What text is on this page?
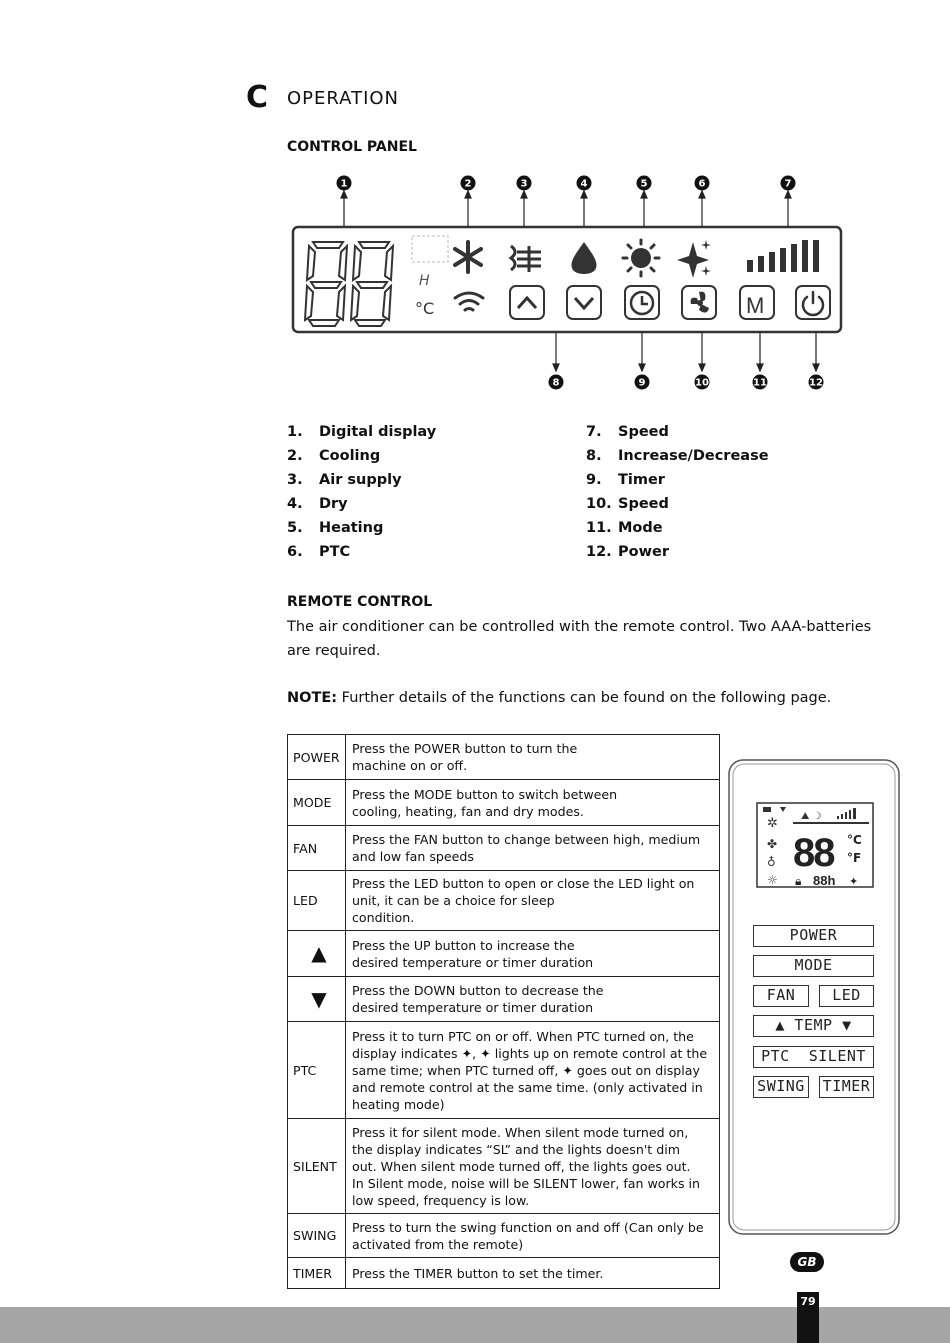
C OPERATION
CONTROL PANEL
1	2	3	4	5	6	7
8	9	10	11	12
H
°C	M
1.	Digital display
2.	Cooling
3.	Air supply
4.	Dry
5.	Heating
6.	PTC
7.	Speed
8.	Increase/Decrease
9.	Timer
10. Speed
11. Mode
12. Power
REMOTE CONTROL
The air conditioner can be controlled with the remote control. Two AAA-batteries
are required.
NOTE: Further details of the functions can be found on the following page.
POWER	Press the POWER button to turn the
machine on or off.

MODE	Press the MODE button to switch between
cooling, heating, fan and dry modes.

FAN	Press the FAN button to change between high, medium
and low fan speeds

LED	Press the LED button to open or close the LED light on
unit, it can be a choice for sleep
condition.

▲	Press the UP button to increase the
desired temperature or timer duration

▼	Press the DOWN button to decrease the
desired temperature or timer duration

PTC	Press it to turn PTC on or off. When PTC turned on, the
display indicates ✦, ✦ lights up on remote control at the
same time; when PTC turned off, ✦ goes out on display
and remote control at the same time. (only activated in
heating mode)

SILENT	Press it for silent mode. When silent mode turned on,
the display indicates “SL” and the lights doesn't dim
out. When silent mode turned off, the lights goes out.
In Silent mode, noise will be SILENT lower, fan works in
low speed, frequency is low.

SWING	Press to turn the swing function on and off (Can only be
activated from the remote)

TIMER	Press the TIMER button to set the timer.
✲
✤
♁
☼
⛰ ☽
88 °C
°F
🔒︎ 88h ✦
POWER
MODE
FAN	LED
▲ TEMP ▼
PTC  SILENT
SWING TIMER
GB
79
